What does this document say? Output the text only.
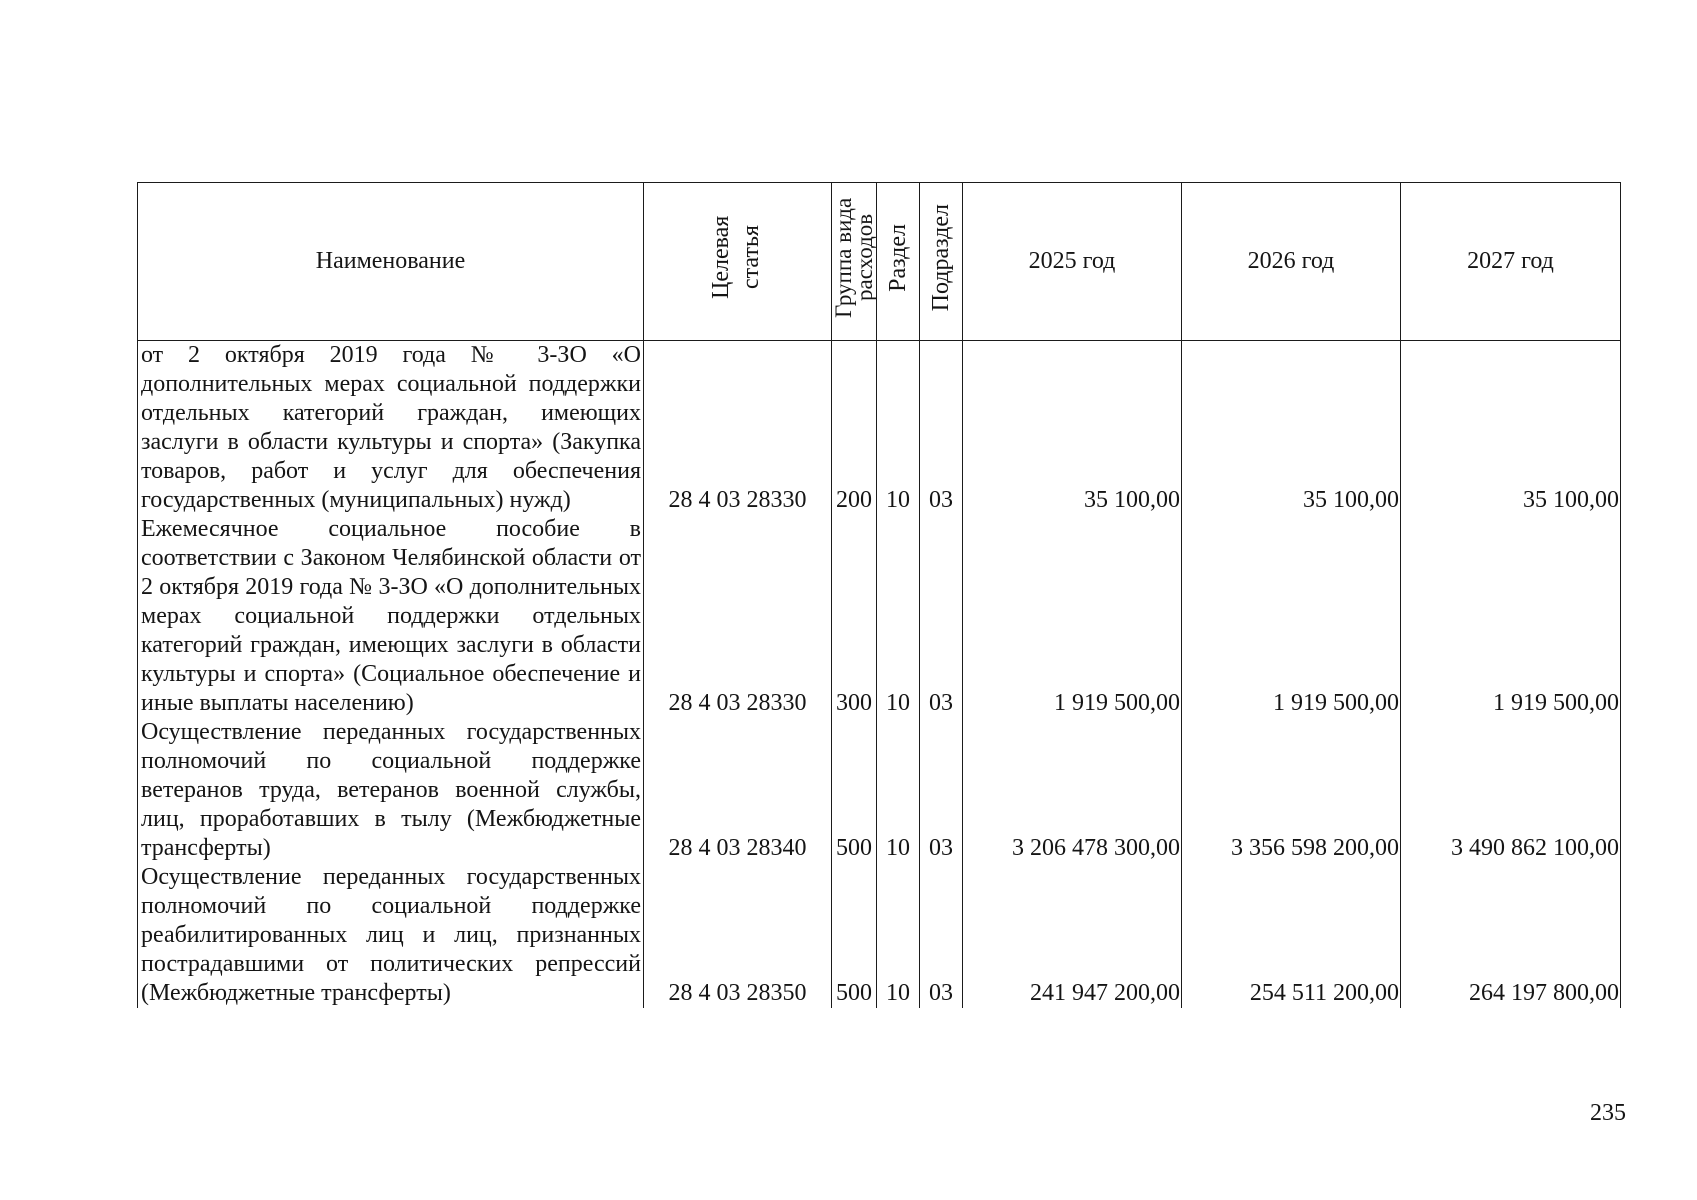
Наименование	Целевая статья	Группа вида расходов	Раздел	Подраздел	2025 год	2026 год	2027 год
от 2 октября 2019 года № 3-ЗО «О дополнительных мерах социальной поддержки отдельных категорий граждан, имеющих заслуги в области культуры и спорта» (Закупка товаров, работ и услуг для обеспечения государственных (муниципальных) нужд)	28 4 03 28330	200	10	03	35 100,00	35 100,00	35 100,00
Ежемесячное социальное пособие в соответствии с Законом Челябинской области от 2 октября 2019 года № 3-ЗО «О дополнительных мерах социальной поддержки отдельных категорий граждан, имеющих заслуги в области культуры и спорта» (Социальное обеспечение и иные выплаты населению)	28 4 03 28330	300	10	03	1 919 500,00	1 919 500,00	1 919 500,00
Осуществление переданных государственных полномочий по социальной поддержке ветеранов труда, ветеранов военной службы, лиц, проработавших в тылу (Межбюджетные трансферты)	28 4 03 28340	500	10	03	3 206 478 300,00	3 356 598 200,00	3 490 862 100,00
Осуществление переданных государственных полномочий по социальной поддержке реабилитированных лиц и лиц, признанных пострадавшими от политических репрессий (Межбюджетные трансферты)	28 4 03 28350	500	10	03	241 947 200,00	254 511 200,00	264 197 800,00
235
